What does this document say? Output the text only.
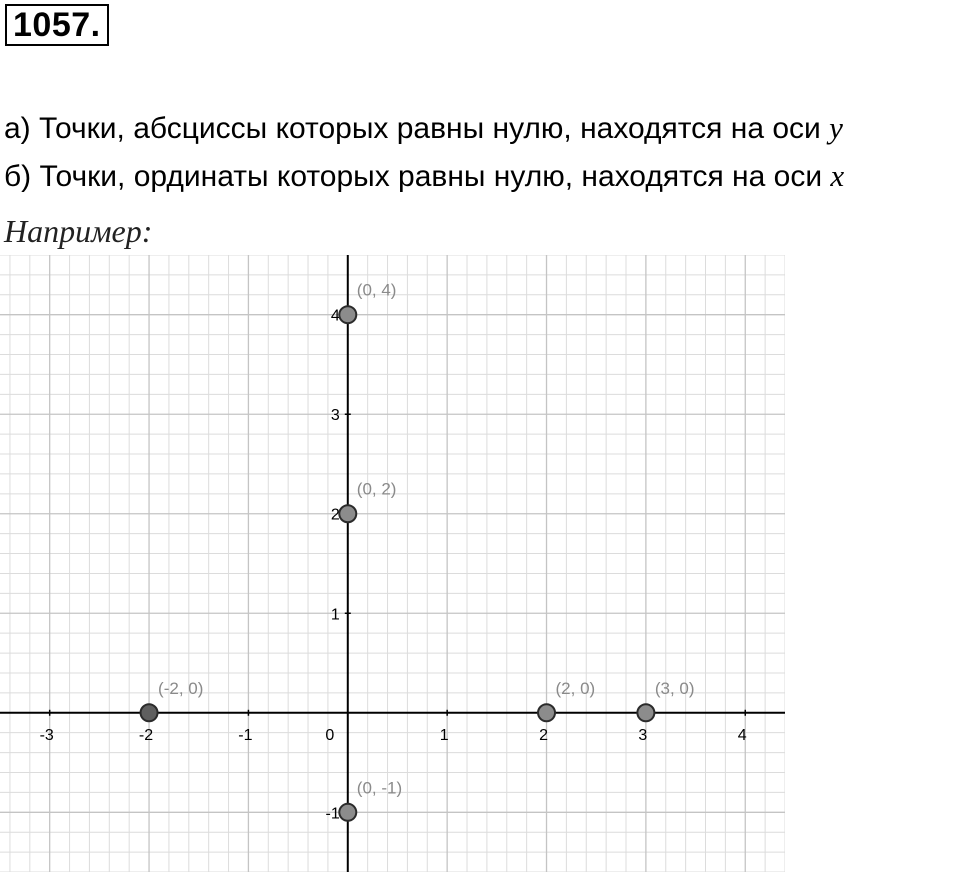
1057.
а) Точки, абсциссы которых равны нулю, находятся на оси y
б) Точки, ординаты которых равны нулю, находятся на оси x
Например:
-3	-2	-1	0	1	2	3	4
-1
1
2
3
4
(0, 4)
(0, 2)
(-2, 0)	(2, 0)	(3, 0)
(0, -1)
